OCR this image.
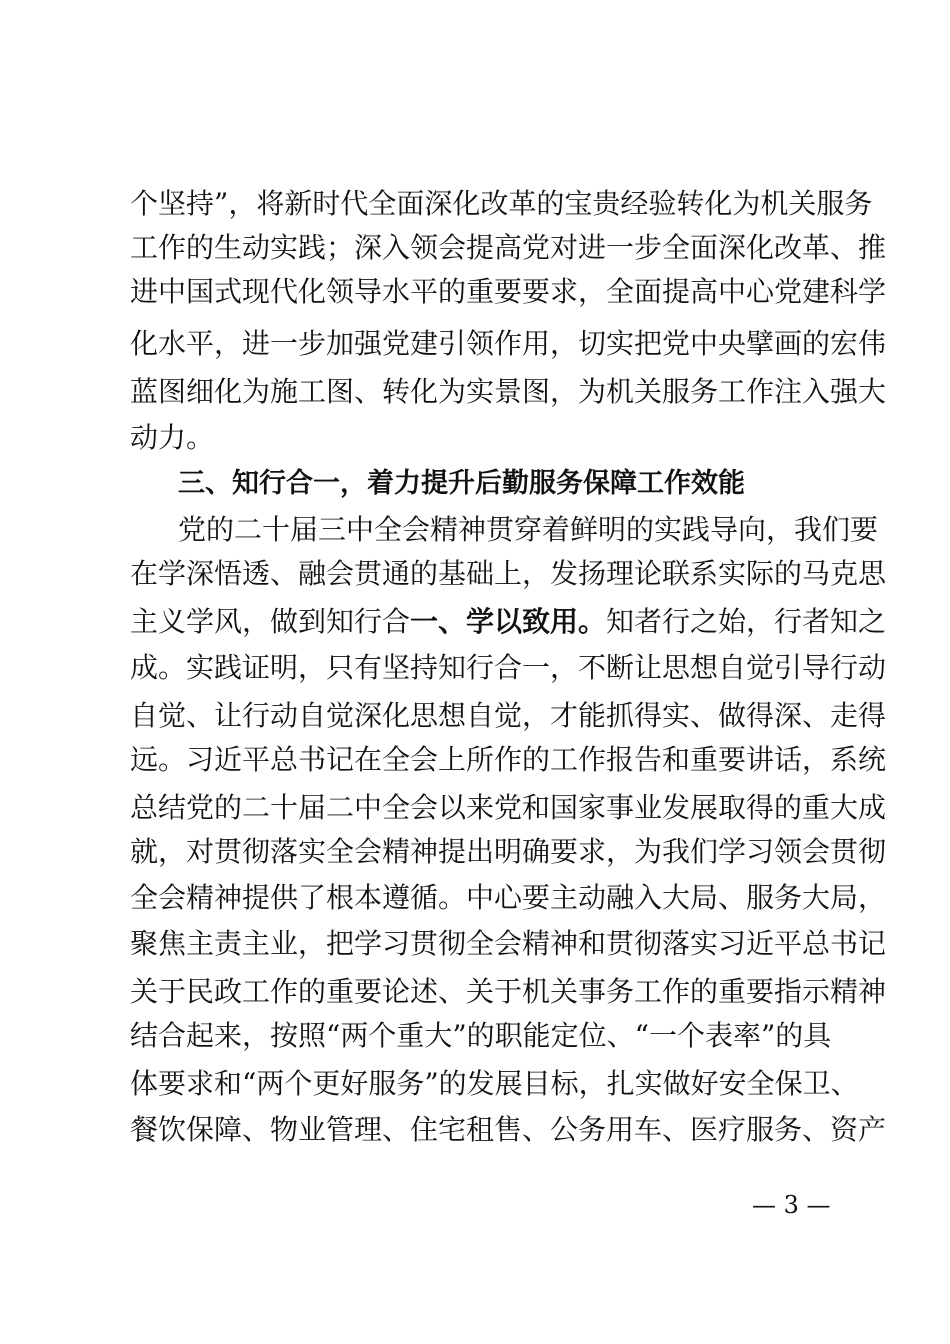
个坚持”，将新时代全面深化改革的宝贵经验转化为机关服务
工作的生动实践；深入领会提高党对进一步全面深化改革、推
进中国式现代化领导水平的重要要求，全面提高中心党建科学
化水平，进一步加强党建引领作用，切实把党中央擘画的宏伟
蓝图细化为施工图、转化为实景图，为机关服务工作注入强大
动力。
三、知行合一，着力提升后勤服务保障工作效能
党的二十届三中全会精神贯穿着鲜明的实践导向，我们要
在学深悟透、融会贯通的基础上，发扬理论联系实际的马克思
主义学风，做到知行合一、学以致用。知者行之始，行者知之
成。实践证明，只有坚持知行合一，不断让思想自觉引导行动
自觉、让行动自觉深化思想自觉，才能抓得实、做得深、走得
远。习近平总书记在全会上所作的工作报告和重要讲话，系统
总结党的二十届二中全会以来党和国家事业发展取得的重大成
就，对贯彻落实全会精神提出明确要求，为我们学习领会贯彻
全会精神提供了根本遵循。中心要主动融入大局、服务大局，
聚焦主责主业，把学习贯彻全会精神和贯彻落实习近平总书记
关于民政工作的重要论述、关于机关事务工作的重要指示精神
结合起来，按照“两个重大”的职能定位、“一个表率”的具
体要求和“两个更好服务”的发展目标，扎实做好安全保卫、
餐饮保障、物业管理、住宅租售、公务用车、医疗服务、资产
— 3 —
